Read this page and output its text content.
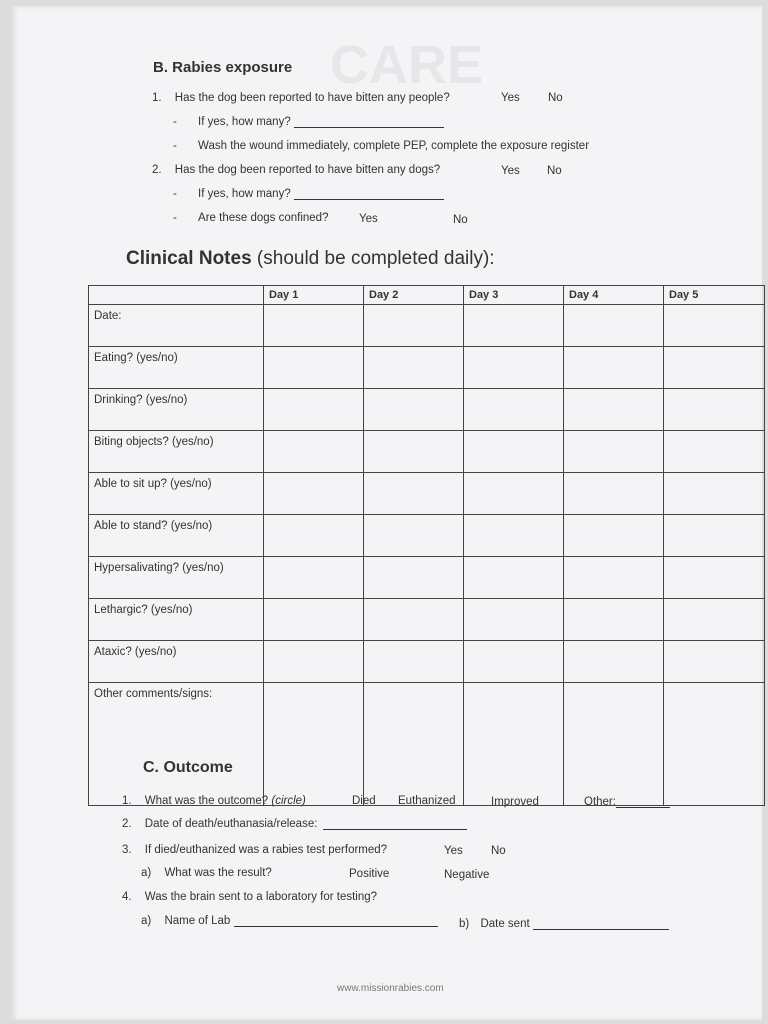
CARE
B. Rabies exposure
1. Has the dog been reported to have bitten any people?	Yes No
- If yes, how many?
- Wash the wound immediately, complete PEP, complete the exposure register
2. Has the dog been reported to have bitten any dogs?	Yes No
- If yes, how many?
- Are these dogs confined?	Yes	No
Clinical Notes (should be completed daily):
	Day 1	Day 2	Day 3	Day 4	Day 5
Date:					
Eating? (yes/no)					
Drinking? (yes/no)					
Biting objects? (yes/no)					
Able to sit up? (yes/no)					
Able to stand? (yes/no)					
Hypersalivating? (yes/no)					
Lethargic? (yes/no)					
Ataxic? (yes/no)					
Other comments/signs:					
C. Outcome
1. What was the outcome? (circle)	Died Euthanized	Improved	Other:
2. Date of death/euthanasia/release:
3. If died/euthanized was a rabies test performed?	Yes No
a) What was the result?	Positive	Negative
4. Was the brain sent to a laboratory for testing?
a) Name of Lab	b) Date sent
www.missionrabies.com
